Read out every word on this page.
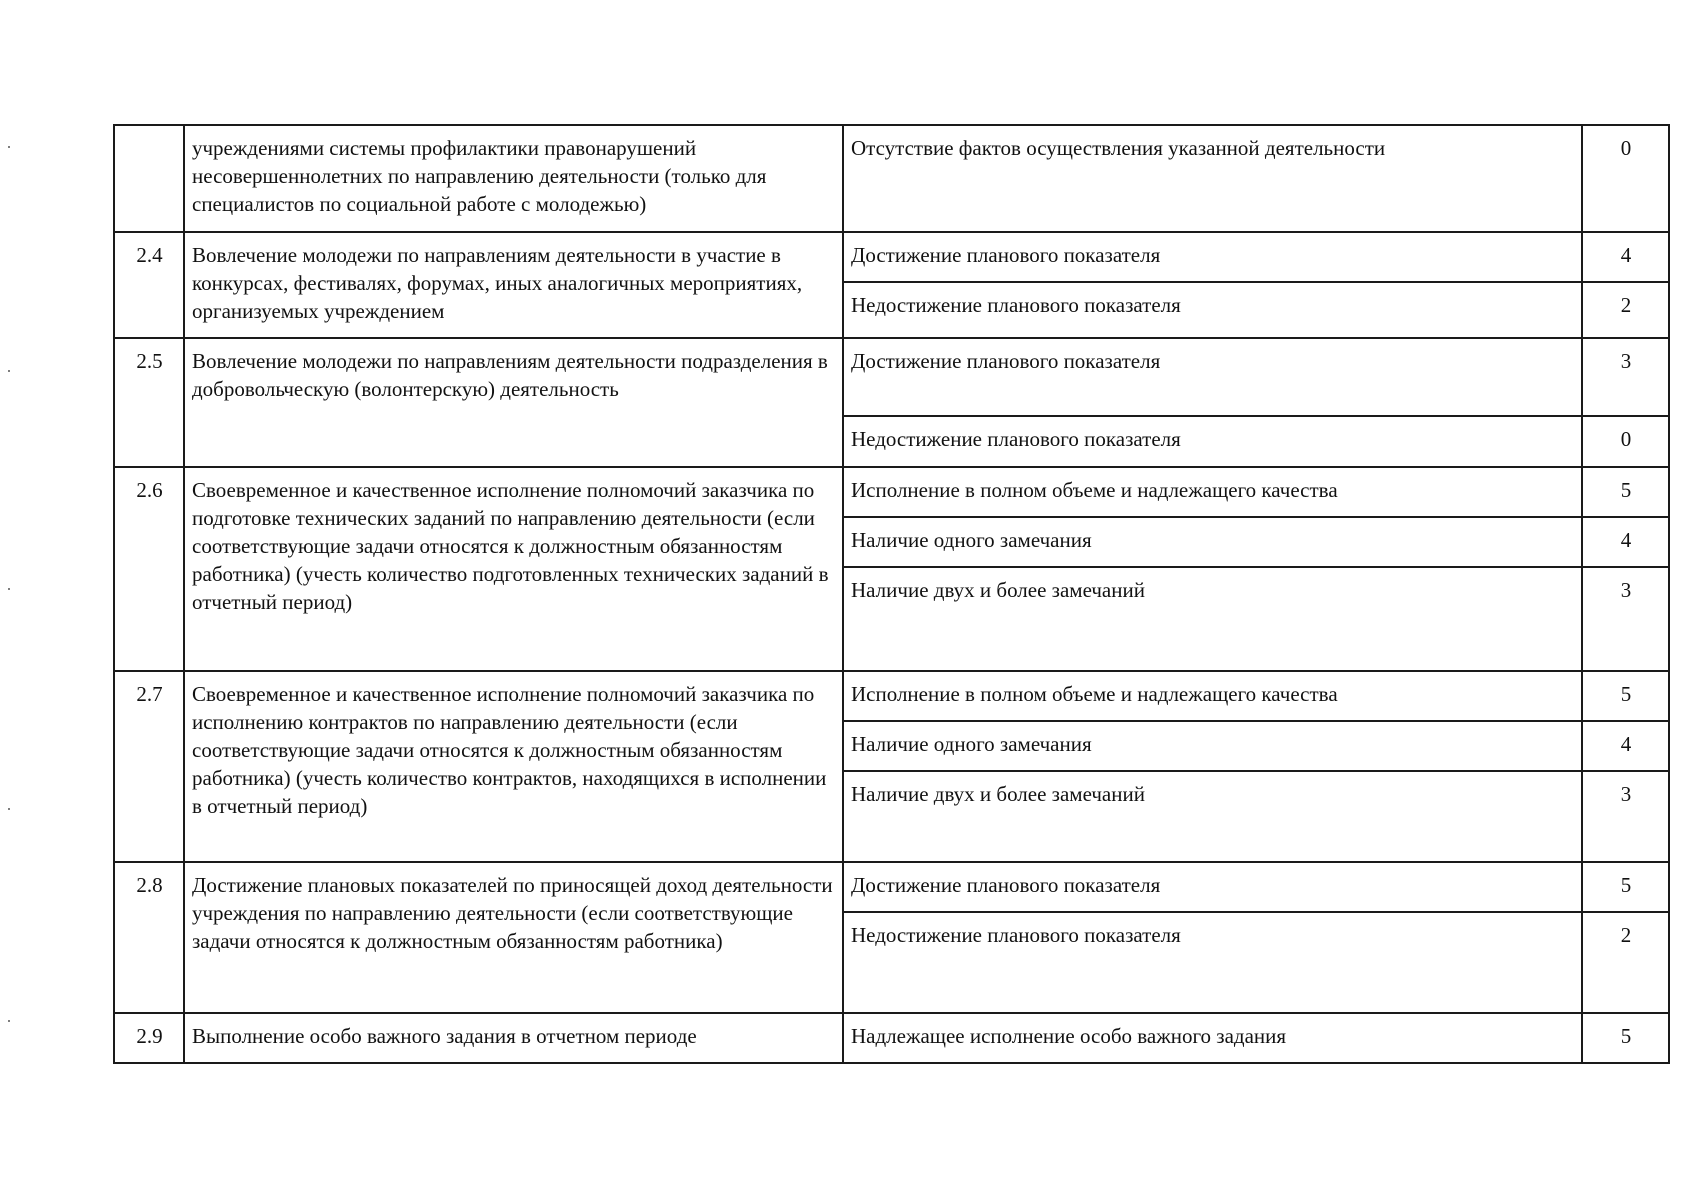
	учреждениями системы профилактики правонарушений несовершеннолетних по направлению деятельности (только для специалистов по социальной работе с молодежью)	Отсутствие фактов осуществления указанной деятельности	0
2.4	Вовлечение молодежи по направлениям деятельности в участие в конкурсах, фестивалях, форумах, иных аналогичных мероприятиях, организуемых учреждением	Достижение планового показателя	4
		Недостижение планового показателя	2
2.5	Вовлечение молодежи по направлениям деятельности подразделения в добровольческую (волонтерскую) деятельность	Достижение планового показателя	3
		Недостижение планового показателя	0
2.6	Своевременное и качественное исполнение полномочий заказчика по подготовке технических заданий по направлению деятельности (если соответствующие задачи относятся к должностным обязанностям работника) (учесть количество подготовленных технических заданий в отчетный период)	Исполнение в полном объеме и надлежащего качества	5
		Наличие одного замечания	4
		Наличие двух и более замечаний	3
2.7	Своевременное и качественное исполнение полномочий заказчика по исполнению контрактов по направлению деятельности (если соответствующие задачи относятся к должностным обязанностям работника) (учесть количество контрактов, находящихся в исполнении в отчетный период)	Исполнение в полном объеме и надлежащего качества	5
		Наличие одного замечания	4
		Наличие двух и более замечаний	3
2.8	Достижение плановых показателей по приносящей доход деятельности учреждения по направлению деятельности (если соответствующие задачи относятся к должностным обязанностям работника)	Достижение планового показателя	5
		Недостижение планового показателя	2
2.9	Выполнение особо важного задания в отчетном периоде	Надлежащее исполнение особо важного задания	5
